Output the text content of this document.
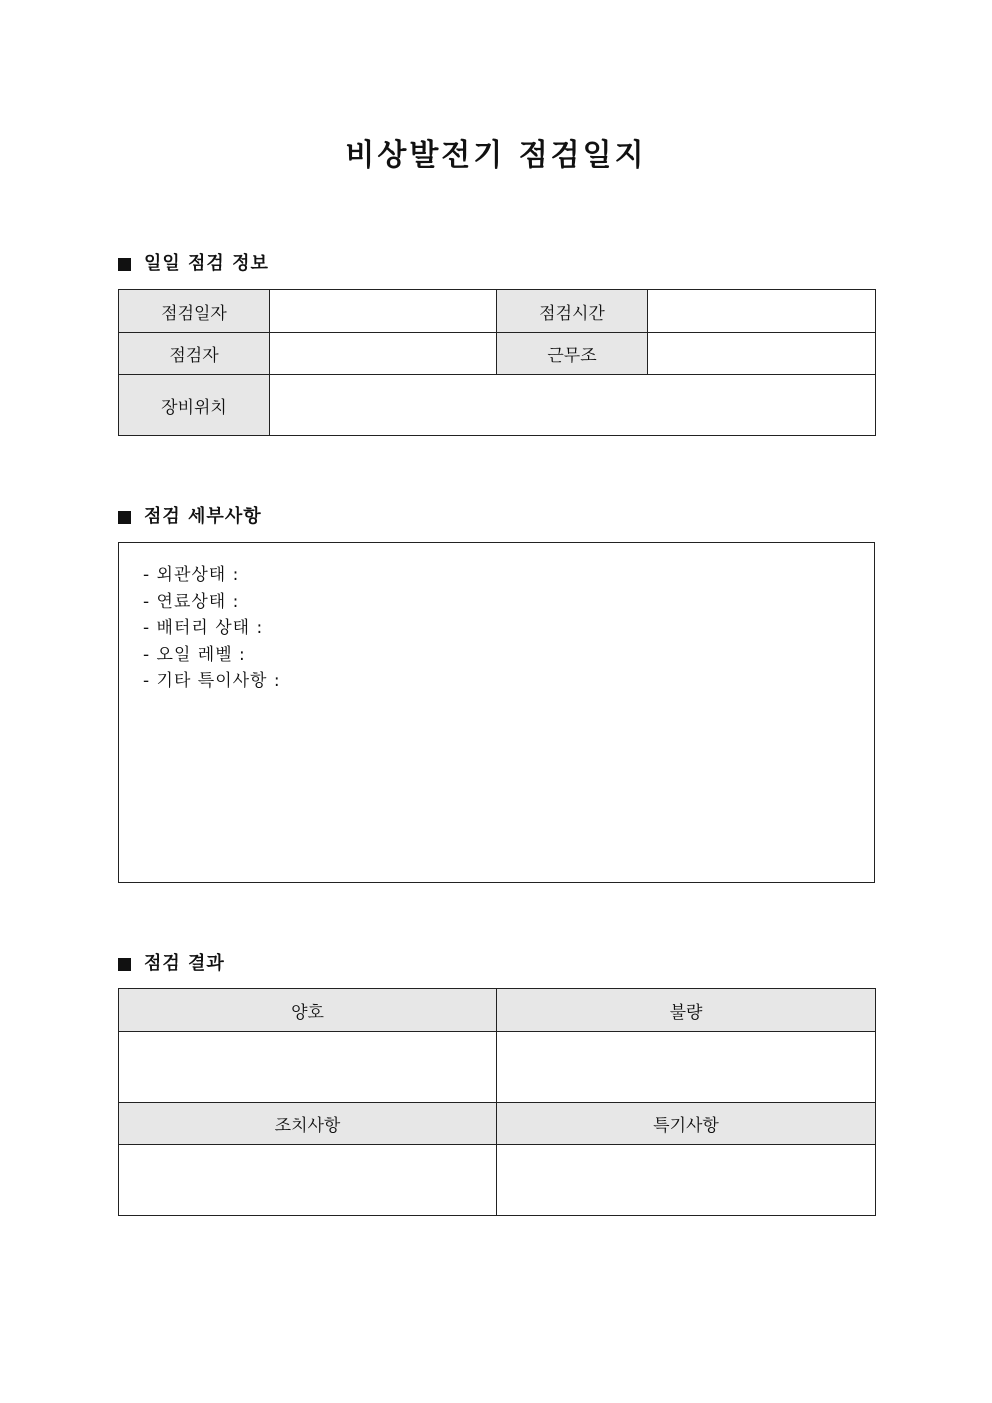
비상발전기 점검일지
일일 점검 정보
점검일자		점검시간	
점검자		근무조	
장비위치			
점검 세부사항
- 외관상태 :
- 연료상태 :
- 배터리 상태 :
- 오일 레벨 :
- 기타 특이사항 :
점검 결과
양호	불량

조치사항	특기사항
